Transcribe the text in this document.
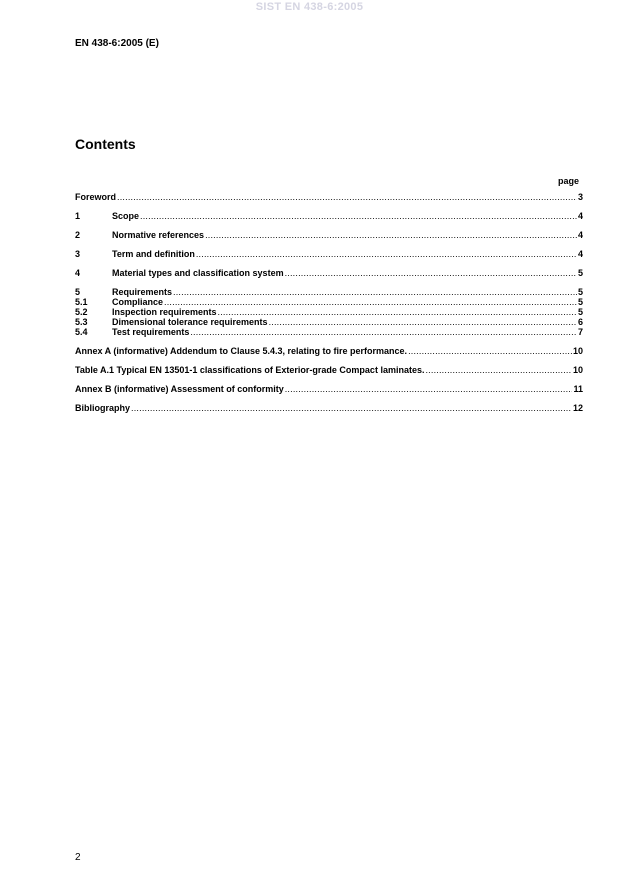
SIST EN 438-6:2005
EN 438-6:2005 (E)
Contents
page
Foreword .....	3
1	Scope .....	4
2	Normative references .....	4
3	Term and definition .....	4
4	Material types and classification system .....	5
5	Requirements .....	5
5.1	Compliance .....	5
5.2	Inspection requirements .....	5
5.3	Dimensional tolerance requirements .....	6
5.4	Test requirements .....	7
Annex A (informative) Addendum to Clause 5.4.3, relating to fire performance. .....	10
Table A.1 Typical EN 13501-1 classifications of Exterior-grade Compact laminates. .....	10
Annex B (informative) Assessment of conformity .....	11
Bibliography .....	12
2
